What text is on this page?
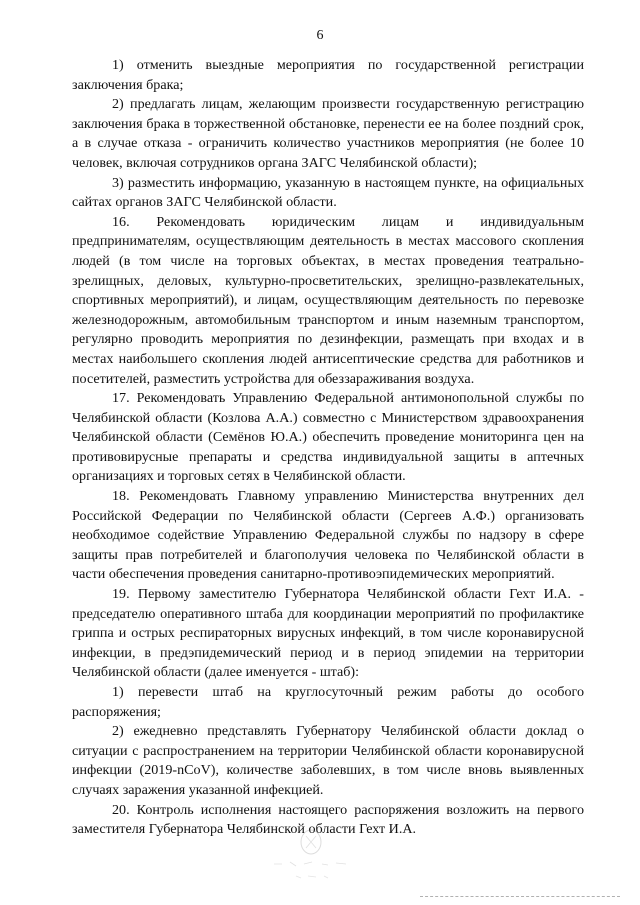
6

1) отменить выездные мероприятия по государственной регистрации заключения брака;

2) предлагать лицам, желающим произвести государственную регистрацию заключения брака в торжественной обстановке, перенести ее на более поздний срок, а в случае отказа - ограничить количество участников мероприятия (не более 10 человек, включая сотрудников органа ЗАГС Челябинской области);

3) разместить информацию, указанную в настоящем пункте, на официальных сайтах органов ЗАГС Челябинской области.

16. Рекомендовать юридическим лицам и индивидуальным предпринимателям, осуществляющим деятельность в местах массового скопления людей (в том числе на торговых объектах, в местах проведения театрально-зрелищных, деловых, культурно-просветительских, зрелищно-развлекательных, спортивных мероприятий), и лицам, осуществляющим деятельность по перевозке железнодорожным, автомобильным транспортом и иным наземным транспортом, регулярно проводить мероприятия по дезинфекции, размещать при входах и в местах наибольшего скопления людей антисептические средства для работников и посетителей, разместить устройства для обеззараживания воздуха.

17. Рекомендовать Управлению Федеральной антимонопольной службы по Челябинской области (Козлова А.А.) совместно с Министерством здравоохранения Челябинской области (Семёнов Ю.А.) обеспечить проведение мониторинга цен на противовирусные препараты и средства индивидуальной защиты в аптечных организациях и торговых сетях в Челябинской области.

18. Рекомендовать Главному управлению Министерства внутренних дел Российской Федерации по Челябинской области (Сергеев А.Ф.) организовать необходимое содействие Управлению Федеральной службы по надзору в сфере защиты прав потребителей и благополучия человека по Челябинской области в части обеспечения проведения санитарно-противоэпидемических мероприятий.

19. Первому заместителю Губернатора Челябинской области Гехт И.А. - председателю оперативного штаба для координации мероприятий по профилактике гриппа и острых респираторных вирусных инфекций, в том числе коронавирусной инфекции, в предэпидемический период и в период эпидемии на территории Челябинской области (далее именуется - штаб):

1) перевести штаб на круглосуточный режим работы до особого распоряжения;

2) ежедневно представлять Губернатору Челябинской области доклад о ситуации с распространением на территории Челябинской области коронавирусной инфекции (2019-nCoV), количестве заболевших, в том числе вновь выявленных случаях заражения указанной инфекцией.

20. Контроль исполнения настоящего распоряжения возложить на первого заместителя Губернатора Челябинской области Гехт И.А.
